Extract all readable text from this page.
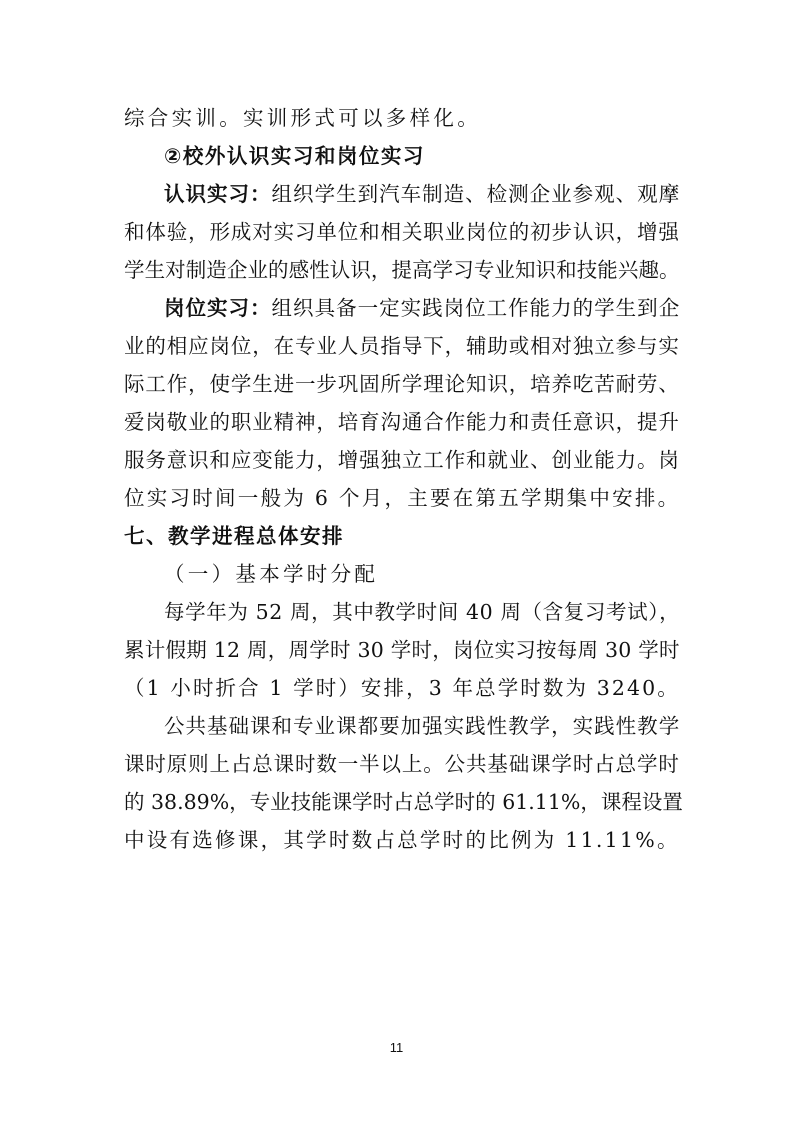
综合实训。实训形式可以多样化。
②校外认识实习和岗位实习
认识实习：组织学生到汽车制造、检测企业参观、观摩
和体验，形成对实习单位和相关职业岗位的初步认识，增强
学生对制造企业的感性认识，提高学习专业知识和技能兴趣。
岗位实习：组织具备一定实践岗位工作能力的学生到企
业的相应岗位，在专业人员指导下，辅助或相对独立参与实
际工作，使学生进一步巩固所学理论知识，培养吃苦耐劳、
爱岗敬业的职业精神，培育沟通合作能力和责任意识，提升
服务意识和应变能力，增强独立工作和就业、创业能力。岗
位实习时间一般为 6 个月，主要在第五学期集中安排。
七、教学进程总体安排
（一）基本学时分配
每学年为 52 周，其中教学时间 40 周（含复习考试），
累计假期 12 周，周学时 30 学时，岗位实习按每周 30 学时
（1 小时折合 1 学时）安排，3 年总学时数为 3240。
公共基础课和专业课都要加强实践性教学，实践性教学
课时原则上占总课时数一半以上。公共基础课学时占总学时
的 38.89%，专业技能课学时占总学时的 61.11%，课程设置
中设有选修课，其学时数占总学时的比例为 11.11%。
11
